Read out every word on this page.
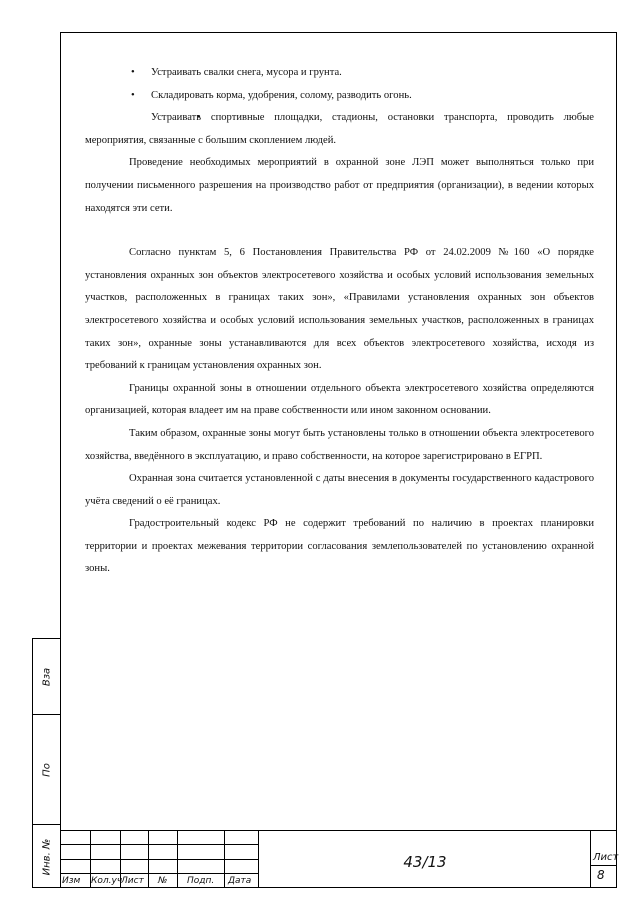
Вза
По
Инв. №

• Устраивать свалки снега, мусора и грунта.

• Складировать корма, удобрения, солому, разводить огонь.

• Устраивать спортивные площадки, стадионы, остановки транспорта, проводить любые мероприятия, связанные с большим скоплением людей.

Проведение необходимых мероприятий в охранной зоне ЛЭП может выполняться только при получении письменного разрешения на производство работ от предприятия (организации), в ведении которых находятся эти сети.

Согласно пунктам 5, 6 Постановления Правительства РФ от 24.02.2009 №160 «О порядке установления охранных зон объектов электросетевого хозяйства и особых условий использования земельных участков, расположенных в границах таких зон», «Правилами установления охранных зон объектов электросетевого хозяйства и особых условий использования земельных участков, расположенных в границах таких зон», охранные зоны устанавливаются для всех объектов электросетевого хозяйства, исходя из требований к границам установления охранных зон.

Границы охранной зоны в отношении отдельного объекта электросетевого хозяйства определяются организацией, которая владеет им на праве собственности или ином законном основании.

Таким образом, охранные зоны могут быть установлены только в отношении объекта электросетевого хозяйства, введённого в эксплуатацию, и право собственности, на которое зарегистрировано в ЕГРП.

Охранная зона считается установленной с даты внесения в документы государственного кадастрового учёта сведений о её границах.

Градостроительный кодекс РФ не содержит требований по наличию в проектах планировки территории и проектах межевания территории согласования землепользователей по установлению охранной зоны.

Изм Кол.уч
Лист № Подп. Дата
43/13	Лист
8
